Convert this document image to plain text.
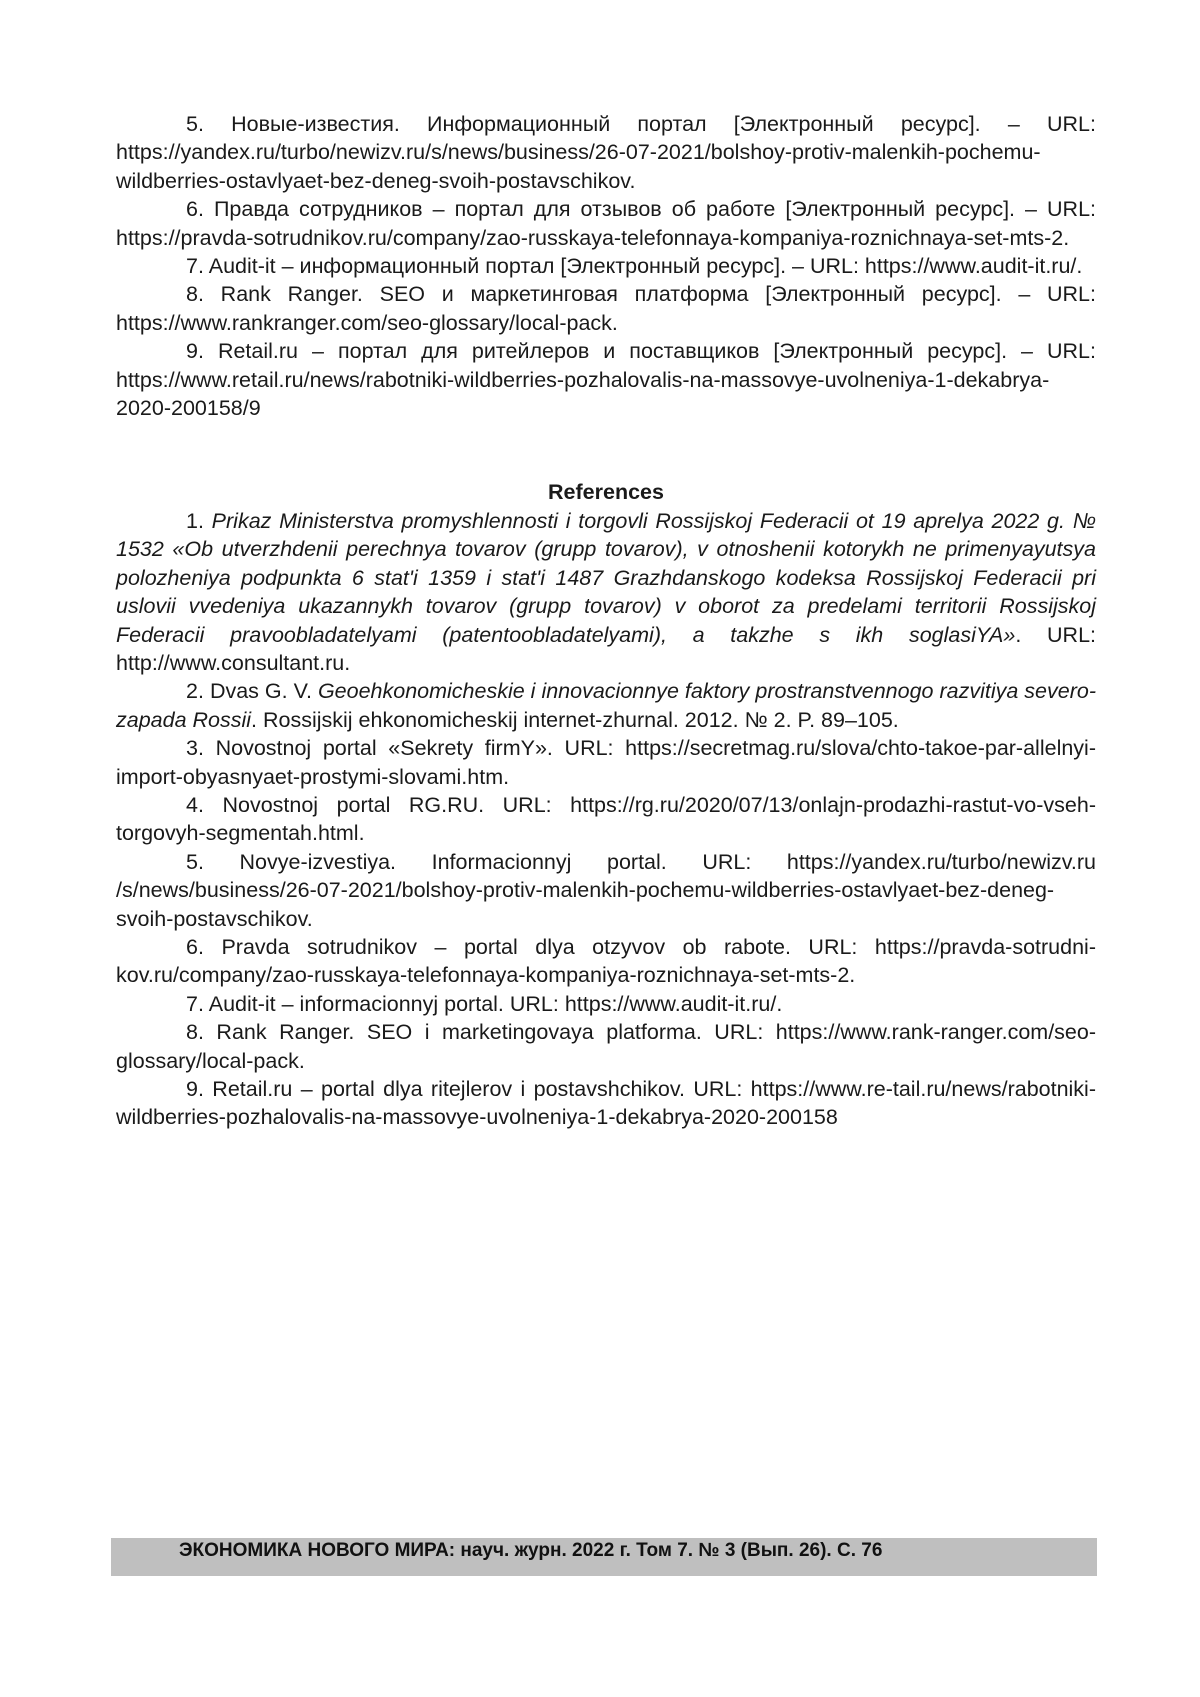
5. Новые-известия. Информационный портал [Электронный ресурс]. – URL: https://yandex.ru/turbo/newizv.ru/s/news/business/26-07-2021/bolshoy-protiv-malenkih-pochemu-wildberries-ostavlyaet-bez-deneg-svoih-postavschikov.

6. Правда сотрудников – портал для отзывов об работе [Электронный ресурс]. – URL: https://pravda-sotrudnikov.ru/company/zao-russkaya-telefonnaya-kompaniya-roznichnaya-set-mts-2.

7. Audit-it – информационный портал [Электронный ресурс]. – URL: https://www.audit-it.ru/.

8. Rank Ranger. SEO и маркетинговая платформа [Электронный ресурс]. – URL: https://www.rankranger.com/seo-glossary/local-pack.

9. Retail.ru – портал для ритейлеров и поставщиков [Электронный ресурс]. – URL: https://www.retail.ru/news/rabotniki-wildberries-pozhalovalis-na-massovye-uvolneniya-1-dekabrya-2020-200158/9

References

1. Prikaz Ministerstva promyshlennosti i torgovli Rossijskoj Federacii ot 19 aprelya 2022 g. № 1532 «Ob utverzhdenii perechnya tovarov (grupp tovarov), v otnoshenii kotorykh ne primenyayutsya polozheniya podpunkta 6 stat'i 1359 i stat'i 1487 Grazhdanskogo kodeksa Rossijskoj Federacii pri uslovii vvedeniya ukazannykh tovarov (grupp tovarov) v oborot za predelami territorii Rossijskoj Federacii pravoobladatelyami (patentoobladatelyami), a takzhe s ikh soglasiYA». URL: http://www.consultant.ru.

2. Dvas G. V. Geoehkonomicheskie i innovacionnye faktory prostranstvennogo razvitiya severo-zapada Rossii. Rossijskij ehkonomicheskij internet-zhurnal. 2012. № 2. P. 89–105.

3. Novostnoj portal «Sekrety firmY». URL: https://secretmag.ru/slova/chto-takoe-par-allelnyi-import-obyasnyaet-prostymi-slovami.htm.

4. Novostnoj portal RG.RU. URL: https://rg.ru/2020/07/13/onlajn-prodazhi-rastut-vo-vseh-torgovyh-segmentah.html.

5. Novye-izvestiya. Informacionnyj portal. URL: https://yandex.ru/turbo/newizv.ru /s/news/business/26-07-2021/bolshoy-protiv-malenkih-pochemu-wildberries-ostavlyaet-bez-deneg-svoih-postavschikov.

6. Pravda sotrudnikov – portal dlya otzyvov ob rabote. URL: https://pravda-sotrudni-kov.ru/company/zao-russkaya-telefonnaya-kompaniya-roznichnaya-set-mts-2.

7. Audit-it – informacionnyj portal. URL: https://www.audit-it.ru/.

8. Rank Ranger. SEO i marketingovaya platforma. URL: https://www.rank-ranger.com/seo-glossary/local-pack.

9. Retail.ru – portal dlya ritejlerov i postavshchikov. URL: https://www.re-tail.ru/news/rabotniki-wildberries-pozhalovalis-na-massovye-uvolneniya-1-dekabrya-2020-200158

ЭКОНОМИКА НОВОГО МИРА: науч. журн. 2022 г. Том 7. № 3 (Вып. 26). С. 76
